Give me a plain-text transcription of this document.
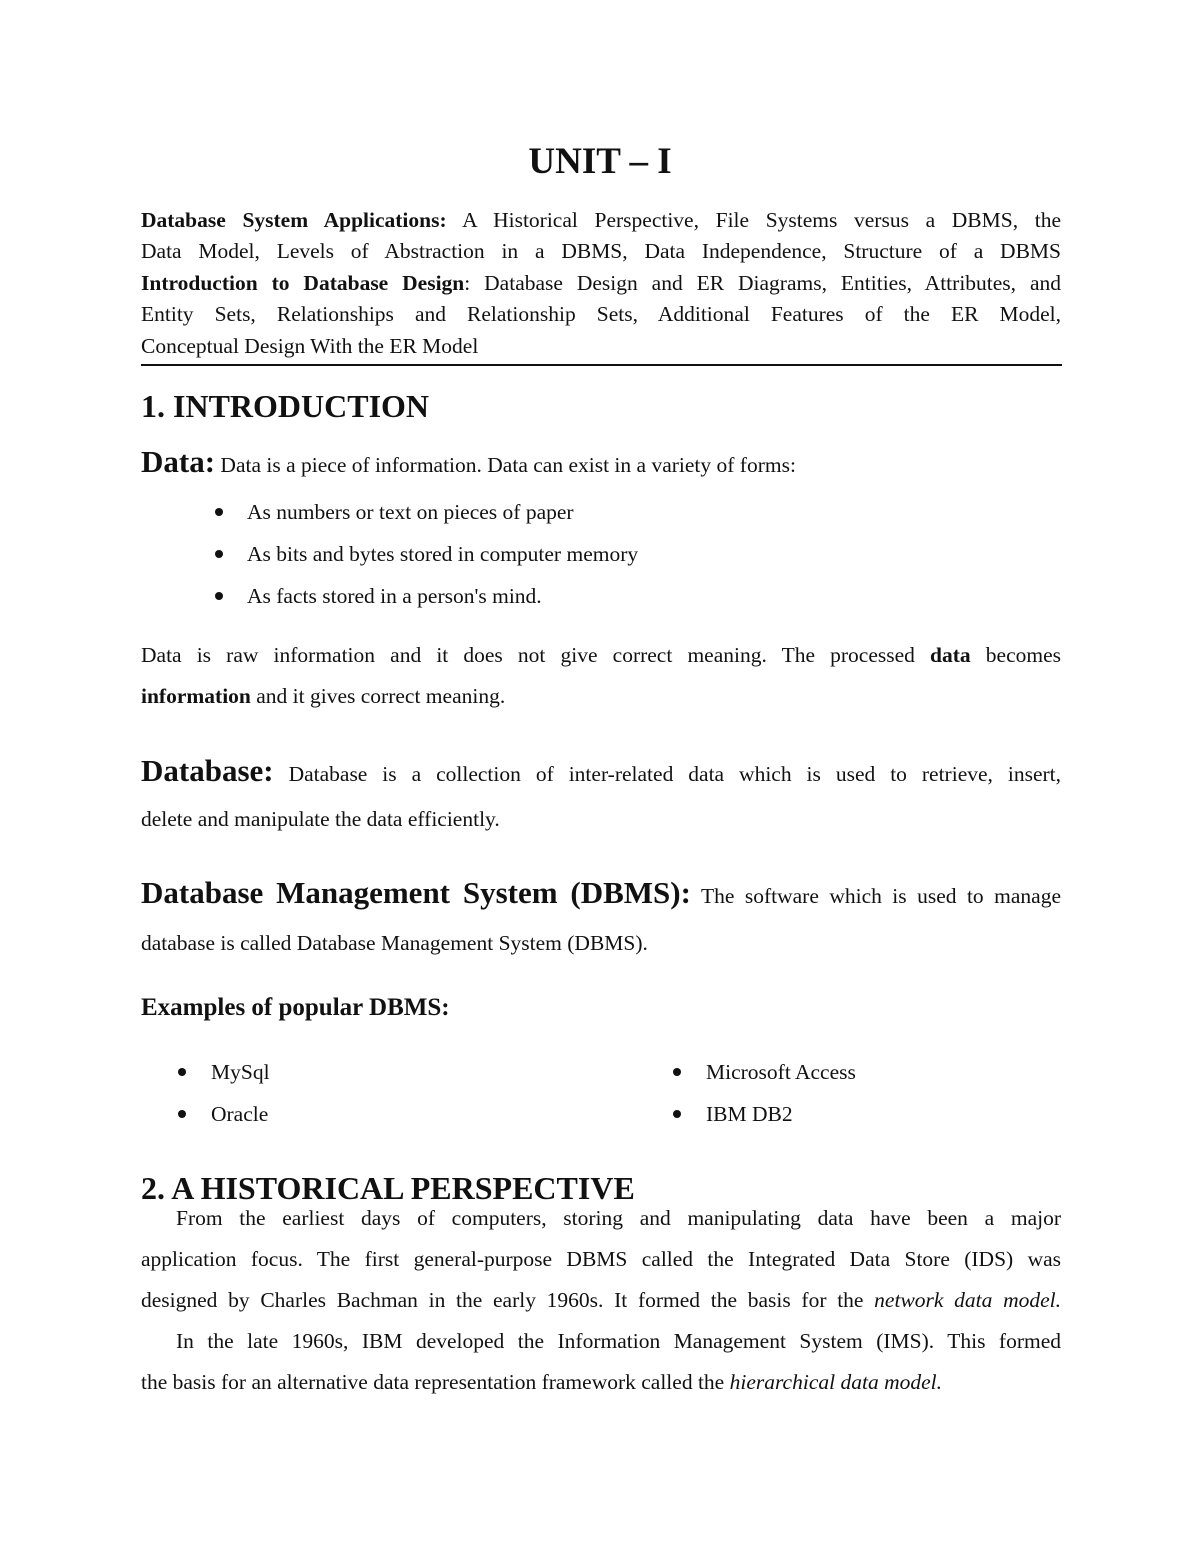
UNIT – I
Database System Applications: A Historical Perspective, File Systems versus a DBMS, the
Data Model, Levels of Abstraction in a DBMS, Data Independence, Structure of a DBMS
Introduction to Database Design: Database Design and ER Diagrams, Entities, Attributes, and
Entity Sets, Relationships and Relationship Sets, Additional Features of the ER Model,
Conceptual Design With the ER Model
1. INTRODUCTION

Data: Data is a piece of information. Data can exist in a variety of forms:

As numbers or text on pieces of paper
As bits and bytes stored in computer memory
As facts stored in a person's mind.
Data is raw information and it does not give correct meaning. The processed data becomes
information and it gives correct meaning.
Database: Database is a collection of inter-related data which is used to retrieve, insert,
delete and manipulate the data efficiently.
Database Management System (DBMS): The software which is used to manage
database is called Database Management System (DBMS).
Examples of popular DBMS:
MySql
Oracle
Microsoft Access
IBM DB2
2. A HISTORICAL PERSPECTIVE
From the earliest days of computers, storing and manipulating data have been a major
application focus. The first general-purpose DBMS called the Integrated Data Store (IDS) was
designed by Charles Bachman in the early 1960s. It formed the basis for the network data model.
In the late 1960s, IBM developed the Information Management System (IMS). This formed
the basis for an alternative data representation framework called the hierarchical data model.
